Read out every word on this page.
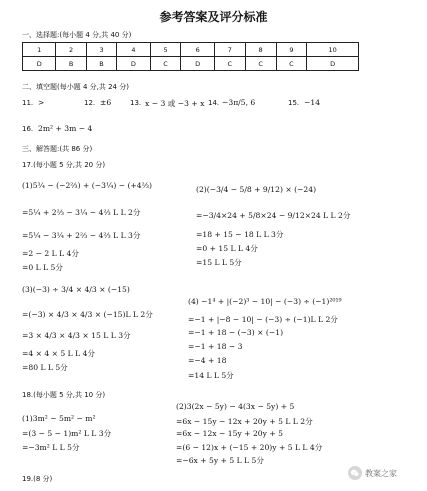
参考答案及评分标准
一、选择题:(每小题 4 分,共 40 分)
1	2	3	4	5	6	7	8	9	10
D	B	B	D	C	D	C	C	C	D
二、填空题(每小题 4 分,共 24 分)
11. >	12. ±6	13. x − 3 或 −3 + x 14. −3π/5, 6	15. −14
16. 2m² + 3m − 4
三、解答题:(共 86 分)
17.(每小题 5 分,共 20 分)
(1)5¼ − (−2⅔) + (−3¼) − (+4⅔)
=5¼ + 2⅔ − 3¼ − 4⅔ L L 2分
=5¼ − 3¼ + 2⅔ − 4⅔ L L 3分
=2 − 2 L L 4分
=0 L L 5分
(2)(−3/4 − 5/8 + 9/12) × (−24)
=−3/4×24 + 5/8×24 − 9/12×24 L L 2分
=18 + 15 − 18 L L 3分
=0 + 15 L L 4分
=15 L L 5分
(3)(−3) ÷ 3/4 × 4/3 × (−15)
=(−3) × 4/3 × 4/3 × (−15)L L 2分
=3 × 4/3 × 4/3 × 15 L L 3分
=4 × 4 × 5 L L 4分
=80 L L 5分
(4) −1⁴ + |(−2)³ − 10| − (−3) ÷ (−1)²⁰¹⁹
=−1 + |−8 − 10| − (−3) ÷ (−1)L L 2分
=−1 + 18 − (−3) × (−1)
=−1 + 18 − 3
=−4 + 18
=14 L L 5分
18.(每小题 5 分,共 10 分)
(1)3m² − 5m² − m²
=(3 − 5 − 1)m² L L 3分
=−3m² L L 5分
(2)3(2x − 5y) − 4(3x − 5y) + 5
=6x − 15y − 12x + 20y + 5 L L 2分
=6x − 12x − 15y + 20y + 5
=(6 − 12)x + (−15 + 20)y + 5 L L 4分
=−6x + 5y + 5 L L 5分
19.(8 分)
教案之家
